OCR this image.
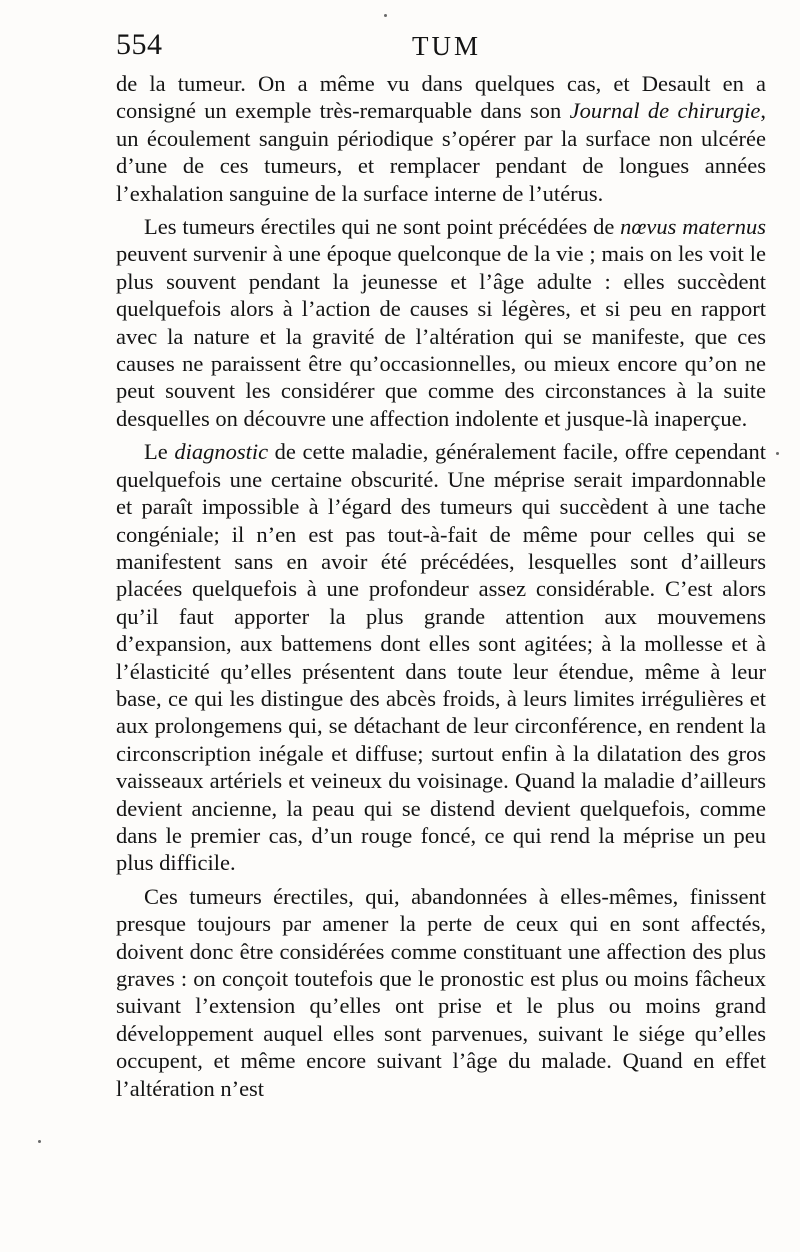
554	TUM

de la tumeur. On a même vu dans quelques cas, et Desault en a consigné un exemple très-remarquable dans son Journal de chirurgie, un écoulement sanguin périodique s’opérer par la surface non ulcérée d’une de ces tumeurs, et remplacer pendant de longues années l’exhalation sanguine de la surface interne de l’utérus.

Les tumeurs érectiles qui ne sont point précédées de nœvus maternus peuvent survenir à une époque quelconque de la vie ; mais on les voit le plus souvent pendant la jeunesse et l’âge adulte : elles succèdent quelquefois alors à l’action de causes si légères, et si peu en rapport avec la nature et la gravité de l’altération qui se manifeste, que ces causes ne paraissent être qu’occasionnelles, ou mieux encore qu’on ne peut souvent les considérer que comme des circonstances à la suite desquelles on découvre une affection indolente et jusque-là inaperçue.

Le diagnostic de cette maladie, généralement facile, offre cependant quelquefois une certaine obscurité. Une méprise serait impardonnable et paraît impossible à l’égard des tumeurs qui succèdent à une tache congéniale; il n’en est pas tout-à-fait de même pour celles qui se manifestent sans en avoir été précédées, lesquelles sont d’ailleurs placées quelquefois à une profondeur assez considérable. C’est alors qu’il faut apporter la plus grande attention aux mouvemens d’expansion, aux battemens dont elles sont agitées; à la mollesse et à l’élasticité qu’elles présentent dans toute leur étendue, même à leur base, ce qui les distingue des abcès froids, à leurs limites irrégulières et aux prolongemens qui, se détachant de leur circonférence, en rendent la circonscription inégale et diffuse; surtout enfin à la dilatation des gros vaisseaux artériels et veineux du voisinage. Quand la maladie d’ailleurs devient ancienne, la peau qui se distend devient quelquefois, comme dans le premier cas, d’un rouge foncé, ce qui rend la méprise un peu plus difficile.

Ces tumeurs érectiles, qui, abandonnées à elles-mêmes, finissent presque toujours par amener la perte de ceux qui en sont affectés, doivent donc être considérées comme constituant une affection des plus graves : on conçoit toutefois que le pronostic est plus ou moins fâcheux suivant l’extension qu’elles ont prise et le plus ou moins grand développement auquel elles sont parvenues, suivant le siége qu’elles occupent, et même encore suivant l’âge du malade. Quand en effet l’altération n’est
